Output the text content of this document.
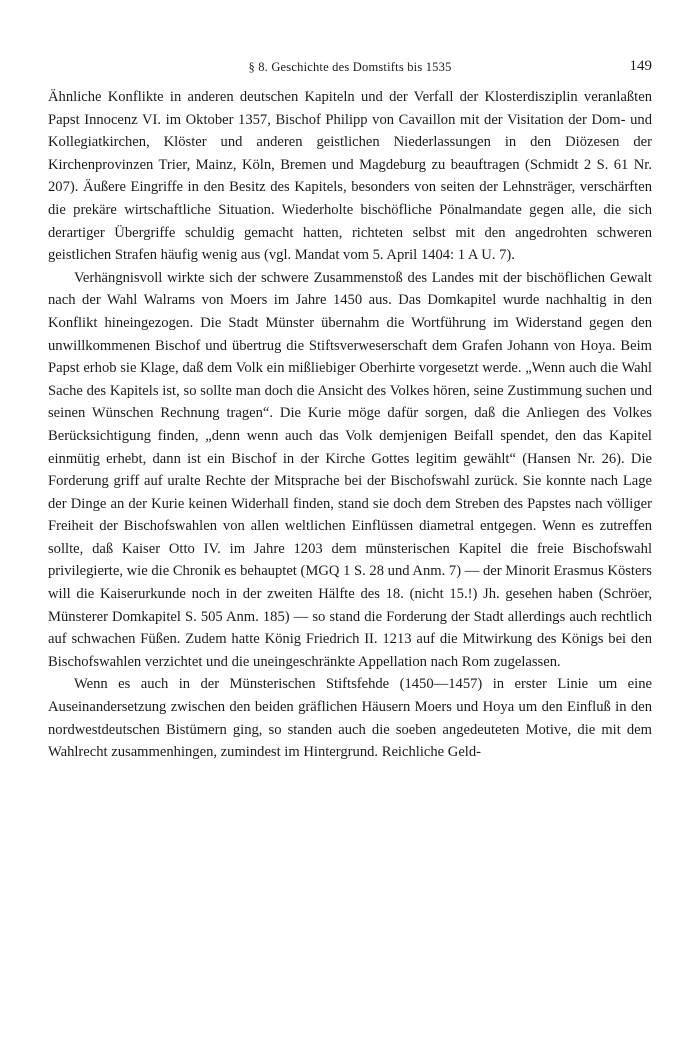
§ 8. Geschichte des Domstifts bis 1535	149

Ähnliche Konflikte in anderen deutschen Kapiteln und der Verfall der Klosterdisziplin veranlaßten Papst Innocenz VI. im Oktober 1357, Bischof Philipp von Cavaillon mit der Visitation der Dom- und Kollegiatkirchen, Klöster und anderen geistlichen Niederlassungen in den Diözesen der Kirchenprovinzen Trier, Mainz, Köln, Bremen und Magdeburg zu beauftragen (Schmidt 2 S. 61 Nr. 207). Äußere Eingriffe in den Besitz des Kapitels, besonders von seiten der Lehnsträger, verschärften die prekäre wirtschaftliche Situation. Wiederholte bischöfliche Pönalmandate gegen alle, die sich derartiger Übergriffe schuldig gemacht hatten, richteten selbst mit den angedrohten schweren geistlichen Strafen häufig wenig aus (vgl. Mandat vom 5. April 1404: 1 A U. 7).

Verhängnisvoll wirkte sich der schwere Zusammenstoß des Landes mit der bischöflichen Gewalt nach der Wahl Walrams von Moers im Jahre 1450 aus. Das Domkapitel wurde nachhaltig in den Konflikt hineingezogen. Die Stadt Münster übernahm die Wortführung im Widerstand gegen den unwillkommenen Bischof und übertrug die Stiftsverweserschaft dem Grafen Johann von Hoya. Beim Papst erhob sie Klage, daß dem Volk ein mißliebiger Oberhirte vorgesetzt werde. „Wenn auch die Wahl Sache des Kapitels ist, so sollte man doch die Ansicht des Volkes hören, seine Zustimmung suchen und seinen Wünschen Rechnung tragen“. Die Kurie möge dafür sorgen, daß die Anliegen des Volkes Berücksichtigung finden, „denn wenn auch das Volk demjenigen Beifall spendet, den das Kapitel einmütig erhebt, dann ist ein Bischof in der Kirche Gottes legitim gewählt“ (Hansen Nr. 26). Die Forderung griff auf uralte Rechte der Mitsprache bei der Bischofswahl zurück. Sie konnte nach Lage der Dinge an der Kurie keinen Widerhall finden, stand sie doch dem Streben des Papstes nach völliger Freiheit der Bischofswahlen von allen weltlichen Einflüssen diametral entgegen. Wenn es zutreffen sollte, daß Kaiser Otto IV. im Jahre 1203 dem münsterischen Kapitel die freie Bischofswahl privilegierte, wie die Chronik es behauptet (MGQ 1 S. 28 und Anm. 7) — der Minorit Erasmus Kösters will die Kaiserurkunde noch in der zweiten Hälfte des 18. (nicht 15.!) Jh. gesehen haben (Schröer, Münsterer Domkapitel S. 505 Anm. 185) — so stand die Forderung der Stadt allerdings auch rechtlich auf schwachen Füßen. Zudem hatte König Friedrich II. 1213 auf die Mitwirkung des Königs bei den Bischofswahlen verzichtet und die uneingeschränkte Appellation nach Rom zugelassen.

Wenn es auch in der Münsterischen Stiftsfehde (1450—1457) in erster Linie um eine Auseinandersetzung zwischen den beiden gräflichen Häusern Moers und Hoya um den Einfluß in den nordwestdeutschen Bistümern ging, so standen auch die soeben angedeuteten Motive, die mit dem Wahlrecht zusammenhingen, zumindest im Hintergrund. Reichliche Geld-
